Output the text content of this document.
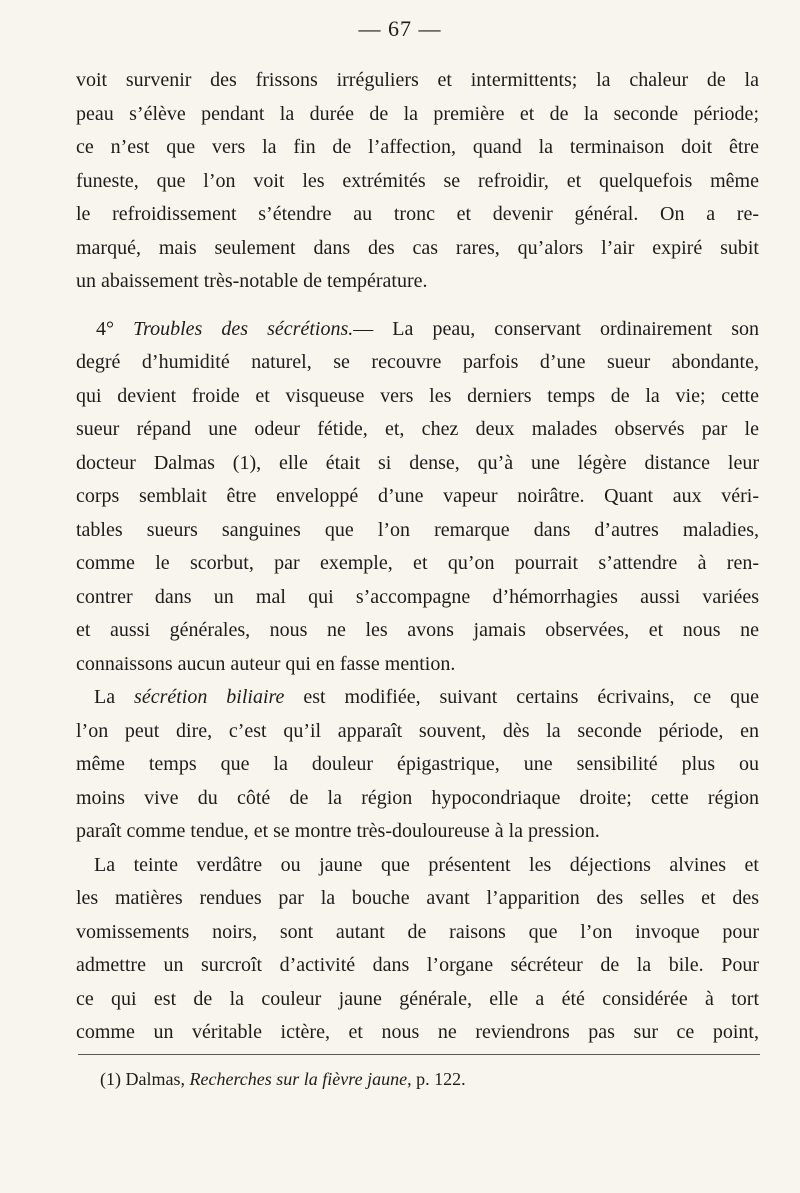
— 67 —
voit survenir des frissons irréguliers et intermittents; la chaleur de la
peau s’élève pendant la durée de la première et de la seconde période;
ce n’est que vers la fin de l’affection, quand la terminaison doit être
funeste, que l’on voit les extrémités se refroidir, et quelquefois même
le refroidissement s’étendre au tronc et devenir général. On a re-
marqué, mais seulement dans des cas rares, qu’alors l’air expiré subit
un abaissement très-notable de température.
4° Troubles des sécrétions.— La peau, conservant ordinairement son
degré d’humidité naturel, se recouvre parfois d’une sueur abondante,
qui devient froide et visqueuse vers les derniers temps de la vie; cette
sueur répand une odeur fétide, et, chez deux malades observés par le
docteur Dalmas (1), elle était si dense, qu’à une légère distance leur
corps semblait être enveloppé d’une vapeur noirâtre. Quant aux véri-
tables sueurs sanguines que l’on remarque dans d’autres maladies,
comme le scorbut, par exemple, et qu’on pourrait s’attendre à ren-
contrer dans un mal qui s’accompagne d’hémorrhagies aussi variées
et aussi générales, nous ne les avons jamais observées, et nous ne
connaissons aucun auteur qui en fasse mention.
La sécrétion biliaire est modifiée, suivant certains écrivains, ce que
l’on peut dire, c’est qu’il apparaît souvent, dès la seconde période, en
même temps que la douleur épigastrique, une sensibilité plus ou
moins vive du côté de la région hypocondriaque droite; cette région
paraît comme tendue, et se montre très-douloureuse à la pression.
La teinte verdâtre ou jaune que présentent les déjections alvines et
les matières rendues par la bouche avant l’apparition des selles et des
vomissements noirs, sont autant de raisons que l’on invoque pour
admettre un surcroît d’activité dans l’organe sécréteur de la bile. Pour
ce qui est de la couleur jaune générale, elle a été considérée à tort
comme un véritable ictère, et nous ne reviendrons pas sur ce point,
(1) Dalmas, Recherches sur la fièvre jaune, p. 122.
